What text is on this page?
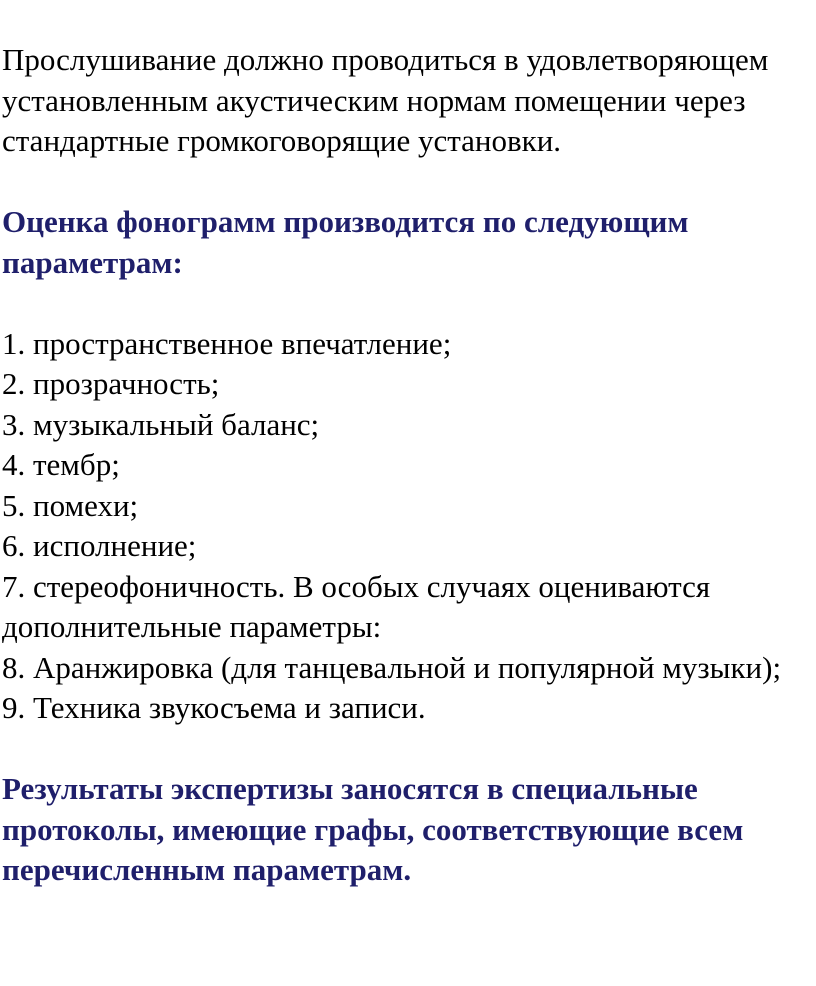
Прослушивание должно проводиться в удовлетворяющем установленным акустическим нормам помещении через стандартные громкоговорящие установки.

Оценка фонограмм производится по следующим параметрам:

1. пространственное впечатление;
2. прозрачность;
3. музыкальный баланс;
4. тембр;
5. помехи;
6. исполнение;
7. стереофоничность. В особых случаях оцениваются дополнительные параметры:
8. Аранжировка (для танцевальной и популярной музыки);
9. Техника звукосъема и записи.

Результаты экспертизы заносятся в специальные протоколы, имеющие графы, соответствующие всем перечисленным параметрам.
